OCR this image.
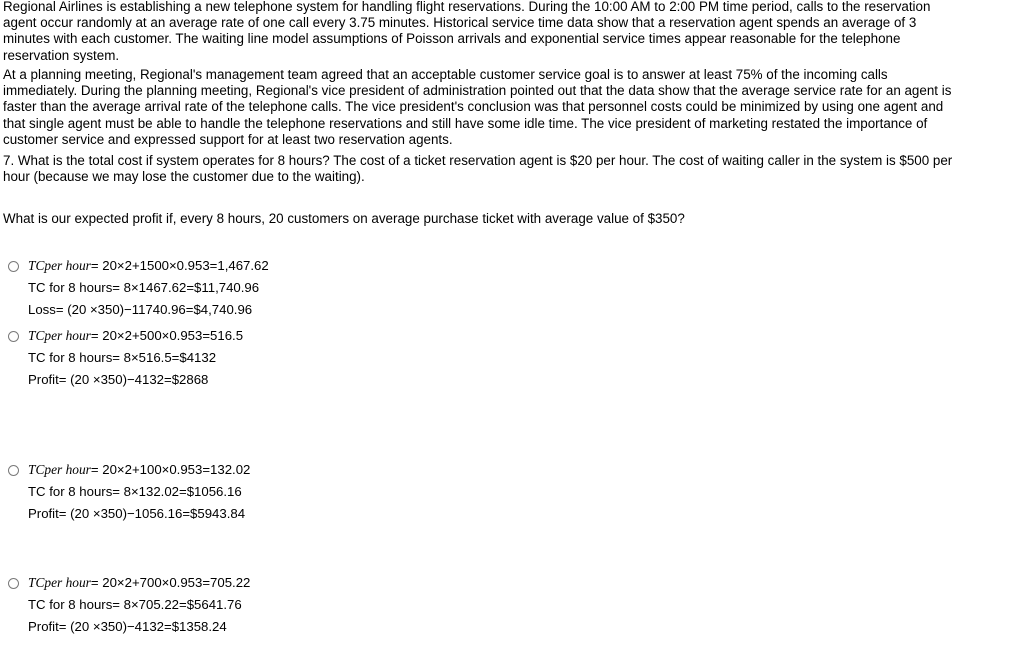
Regional Airlines is establishing a new telephone system for handling flight reservations. During the 10:00 AM to 2:00 PM time period, calls to the reservation agent occur randomly at an average rate of one call every 3.75 minutes. Historical service time data show that a reservation agent spends an average of 3 minutes with each customer. The waiting line model assumptions of Poisson arrivals and exponential service times appear reasonable for the telephone reservation system.

At a planning meeting, Regional's management team agreed that an acceptable customer service goal is to answer at least 75% of the incoming calls immediately. During the planning meeting, Regional's vice president of administration pointed out that the data show that the average service rate for an agent is faster than the average arrival rate of the telephone calls. The vice president's conclusion was that personnel costs could be minimized by using one agent and that single agent must be able to handle the telephone reservations and still have some idle time. The vice president of marketing restated the importance of customer service and expressed support for at least two reservation agents.

7. What is the total cost if system operates for 8 hours? The cost of a ticket reservation agent is $20 per hour. The cost of waiting caller in the system is $500 per hour (because we may lose the customer due to the waiting).

What is our expected profit if, every 8 hours, 20 customers on average purchase ticket with average value of $350?

TCper hour= 20×2+1500×0.953=1,467.62
TC for 8 hours= 8×1467.62=$11,740.96
Loss= (20 ×350)−11740.96=$4,740.96
TCper hour= 20×2+500×0.953=516.5
TC for 8 hours= 8×516.5=$4132
Profit= (20 ×350)−4132=$2868
TCper hour= 20×2+100×0.953=132.02
TC for 8 hours= 8×132.02=$1056.16
Profit= (20 ×350)−1056.16=$5943.84
TCper hour= 20×2+700×0.953=705.22
TC for 8 hours= 8×705.22=$5641.76
Profit= (20 ×350)−4132=$1358.24
